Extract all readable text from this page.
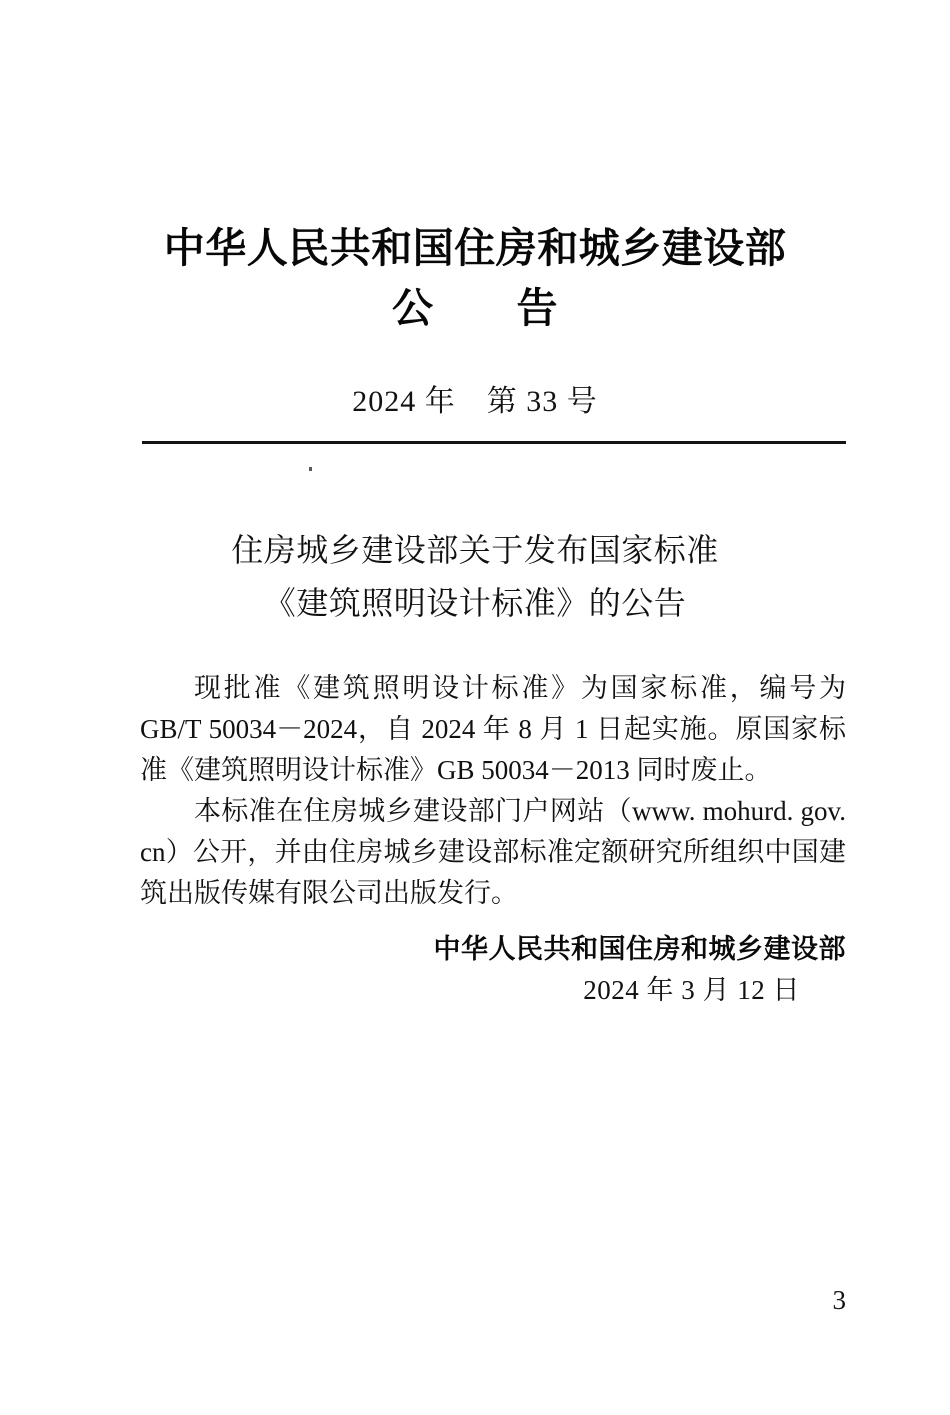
中华人民共和国住房和城乡建设部
公　　告
2024 年　第 33 号
住房城乡建设部关于发布国家标准
《建筑照明设计标准》的公告

现批准《建筑照明设计标准》为国家标准，编号为 GB/T 50034－2024，自 2024 年 8 月 1 日起实施。原国家标准《建筑照明设计标准》GB 50034－2013 同时废止。

本标准在住房城乡建设部门户网站（www. mohurd. gov. cn）公开，并由住房城乡建设部标准定额研究所组织中国建筑出版传媒有限公司出版发行。

中华人民共和国住房和城乡建设部
2024 年 3 月 12 日
3
